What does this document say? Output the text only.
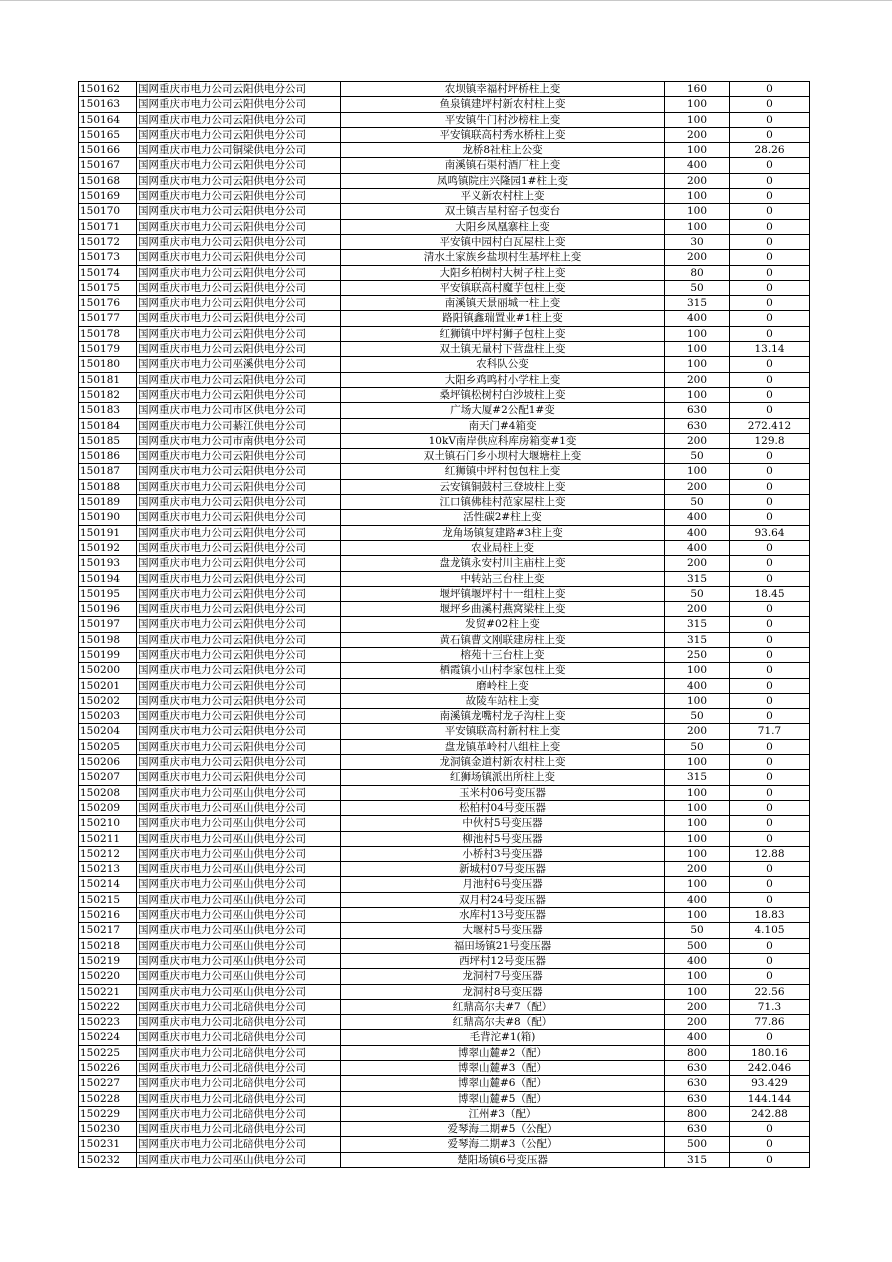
150162	国网重庆市电力公司云阳供电分公司	农坝镇幸福村坪桥柱上变	160	0
150163	国网重庆市电力公司云阳供电分公司	鱼泉镇建坪村新农村柱上变	100	0
150164	国网重庆市电力公司云阳供电分公司	平安镇牛门村沙榜柱上变	100	0
150165	国网重庆市电力公司云阳供电分公司	平安镇联高村秀水桥柱上变	200	0
150166	国网重庆市电力公司铜梁供电分公司	龙桥8社柱上公变	100	28.26
150167	国网重庆市电力公司云阳供电分公司	南溪镇石渠村酒厂柱上变	400	0
150168	国网重庆市电力公司云阳供电分公司	凤鸣镇院庄兴隆园1#柱上变	200	0
150169	国网重庆市电力公司云阳供电分公司	平义新农村柱上变	100	0
150170	国网重庆市电力公司云阳供电分公司	双土镇吉星村窑子包变台	100	0
150171	国网重庆市电力公司云阳供电分公司	大阳乡凤凰寨柱上变	100	0
150172	国网重庆市电力公司云阳供电分公司	平安镇中园村白瓦屋柱上变	30	0
150173	国网重庆市电力公司云阳供电分公司	清水土家族乡盐坝村生基坪柱上变	200	0
150174	国网重庆市电力公司云阳供电分公司	大阳乡柏树村大树子柱上变	80	0
150175	国网重庆市电力公司云阳供电分公司	平安镇联高村魔芋包柱上变	50	0
150176	国网重庆市电力公司云阳供电分公司	南溪镇天景丽城一柱上变	315	0
150177	国网重庆市电力公司云阳供电分公司	路阳镇鑫瑞置业#1柱上变	400	0
150178	国网重庆市电力公司云阳供电分公司	红狮镇中坪村狮子包柱上变	100	0
150179	国网重庆市电力公司云阳供电分公司	双土镇无量村下营盘柱上变	100	13.14
150180	国网重庆市电力公司巫溪供电分公司	农科队公变	100	0
150181	国网重庆市电力公司云阳供电分公司	大阳乡鸡鸣村小学柱上变	200	0
150182	国网重庆市电力公司云阳供电分公司	桑坪镇松树村白沙坡柱上变	100	0
150183	国网重庆市电力公司市区供电分公司	广场大厦#2公配1#变	630	0
150184	国网重庆市电力公司綦江供电分公司	南天门#4箱变	630	272.412
150185	国网重庆市电力公司市南供电分公司	10kV南岸供应科库房箱变#1变	200	129.8
150186	国网重庆市电力公司云阳供电分公司	双土镇石门乡小坝村大堰塘柱上变	50	0
150187	国网重庆市电力公司云阳供电分公司	红狮镇中坪村包包柱上变	100	0
150188	国网重庆市电力公司云阳供电分公司	云安镇铜鼓村三登坡柱上变	200	0
150189	国网重庆市电力公司云阳供电分公司	江口镇佛桂村范家屋柱上变	50	0
150190	国网重庆市电力公司云阳供电分公司	活性碳2#柱上变	400	0
150191	国网重庆市电力公司云阳供电分公司	龙角场镇复建路#3柱上变	400	93.64
150192	国网重庆市电力公司云阳供电分公司	农业局柱上变	400	0
150193	国网重庆市电力公司云阳供电分公司	盘龙镇永安村川主庙柱上变	200	0
150194	国网重庆市电力公司云阳供电分公司	中转站三台柱上变	315	0
150195	国网重庆市电力公司云阳供电分公司	堰坪镇堰坪村十一组柱上变	50	18.45
150196	国网重庆市电力公司云阳供电分公司	堰坪乡曲溪村燕窝梁柱上变	200	0
150197	国网重庆市电力公司云阳供电分公司	发贸#02柱上变	315	0
150198	国网重庆市电力公司云阳供电分公司	黄石镇曹文刚联建房柱上变	315	0
150199	国网重庆市电力公司云阳供电分公司	榕苑十三台柱上变	250	0
150200	国网重庆市电力公司云阳供电分公司	栖霞镇小山村李家包柱上变	100	0
150201	国网重庆市电力公司云阳供电分公司	磨岭柱上变	400	0
150202	国网重庆市电力公司云阳供电分公司	故陵车站柱上变	100	0
150203	国网重庆市电力公司云阳供电分公司	南溪镇龙嘴村龙子沟柱上变	50	0
150204	国网重庆市电力公司云阳供电分公司	平安镇联高村新村柱上变	200	71.7
150205	国网重庆市电力公司云阳供电分公司	盘龙镇革岭村八组柱上变	50	0
150206	国网重庆市电力公司云阳供电分公司	龙洞镇金道村新农村柱上变	100	0
150207	国网重庆市电力公司云阳供电分公司	红狮场镇派出所柱上变	315	0
150208	国网重庆市电力公司巫山供电分公司	玉米村06号变压器	100	0
150209	国网重庆市电力公司巫山供电分公司	松柏村04号变压器	100	0
150210	国网重庆市电力公司巫山供电分公司	中伙村5号变压器	100	0
150211	国网重庆市电力公司巫山供电分公司	柳池村5号变压器	100	0
150212	国网重庆市电力公司巫山供电分公司	小桥村3号变压器	100	12.88
150213	国网重庆市电力公司巫山供电分公司	新城村07号变压器	200	0
150214	国网重庆市电力公司巫山供电分公司	月池村6号变压器	100	0
150215	国网重庆市电力公司巫山供电分公司	双月村24号变压器	400	0
150216	国网重庆市电力公司巫山供电分公司	水库村13号变压器	100	18.83
150217	国网重庆市电力公司巫山供电分公司	大堰村5号变压器	50	4.105
150218	国网重庆市电力公司巫山供电分公司	福田场镇21号变压器	500	0
150219	国网重庆市电力公司巫山供电分公司	西坪村12号变压器	400	0
150220	国网重庆市电力公司巫山供电分公司	龙洞村7号变压器	100	0
150221	国网重庆市电力公司巫山供电分公司	龙洞村8号变压器	100	22.56
150222	国网重庆市电力公司北碚供电分公司	红鼎高尔夫#7（配）	200	71.3
150223	国网重庆市电力公司北碚供电分公司	红鼎高尔夫#8（配）	200	77.86
150224	国网重庆市电力公司北碚供电分公司	毛背沱#1(箱)	400	0
150225	国网重庆市电力公司北碚供电分公司	博翠山麓#2（配）	800	180.16
150226	国网重庆市电力公司北碚供电分公司	博翠山麓#3（配）	630	242.046
150227	国网重庆市电力公司北碚供电分公司	博翠山麓#6（配）	630	93.429
150228	国网重庆市电力公司北碚供电分公司	博翠山麓#5（配）	630	144.144
150229	国网重庆市电力公司北碚供电分公司	江州#3（配）	800	242.88
150230	国网重庆市电力公司北碚供电分公司	爱琴海二期#5（公配）	630	0
150231	国网重庆市电力公司北碚供电分公司	爱琴海二期#3（公配）	500	0
150232	国网重庆市电力公司巫山供电分公司	楚阳场镇6号变压器	315	0
